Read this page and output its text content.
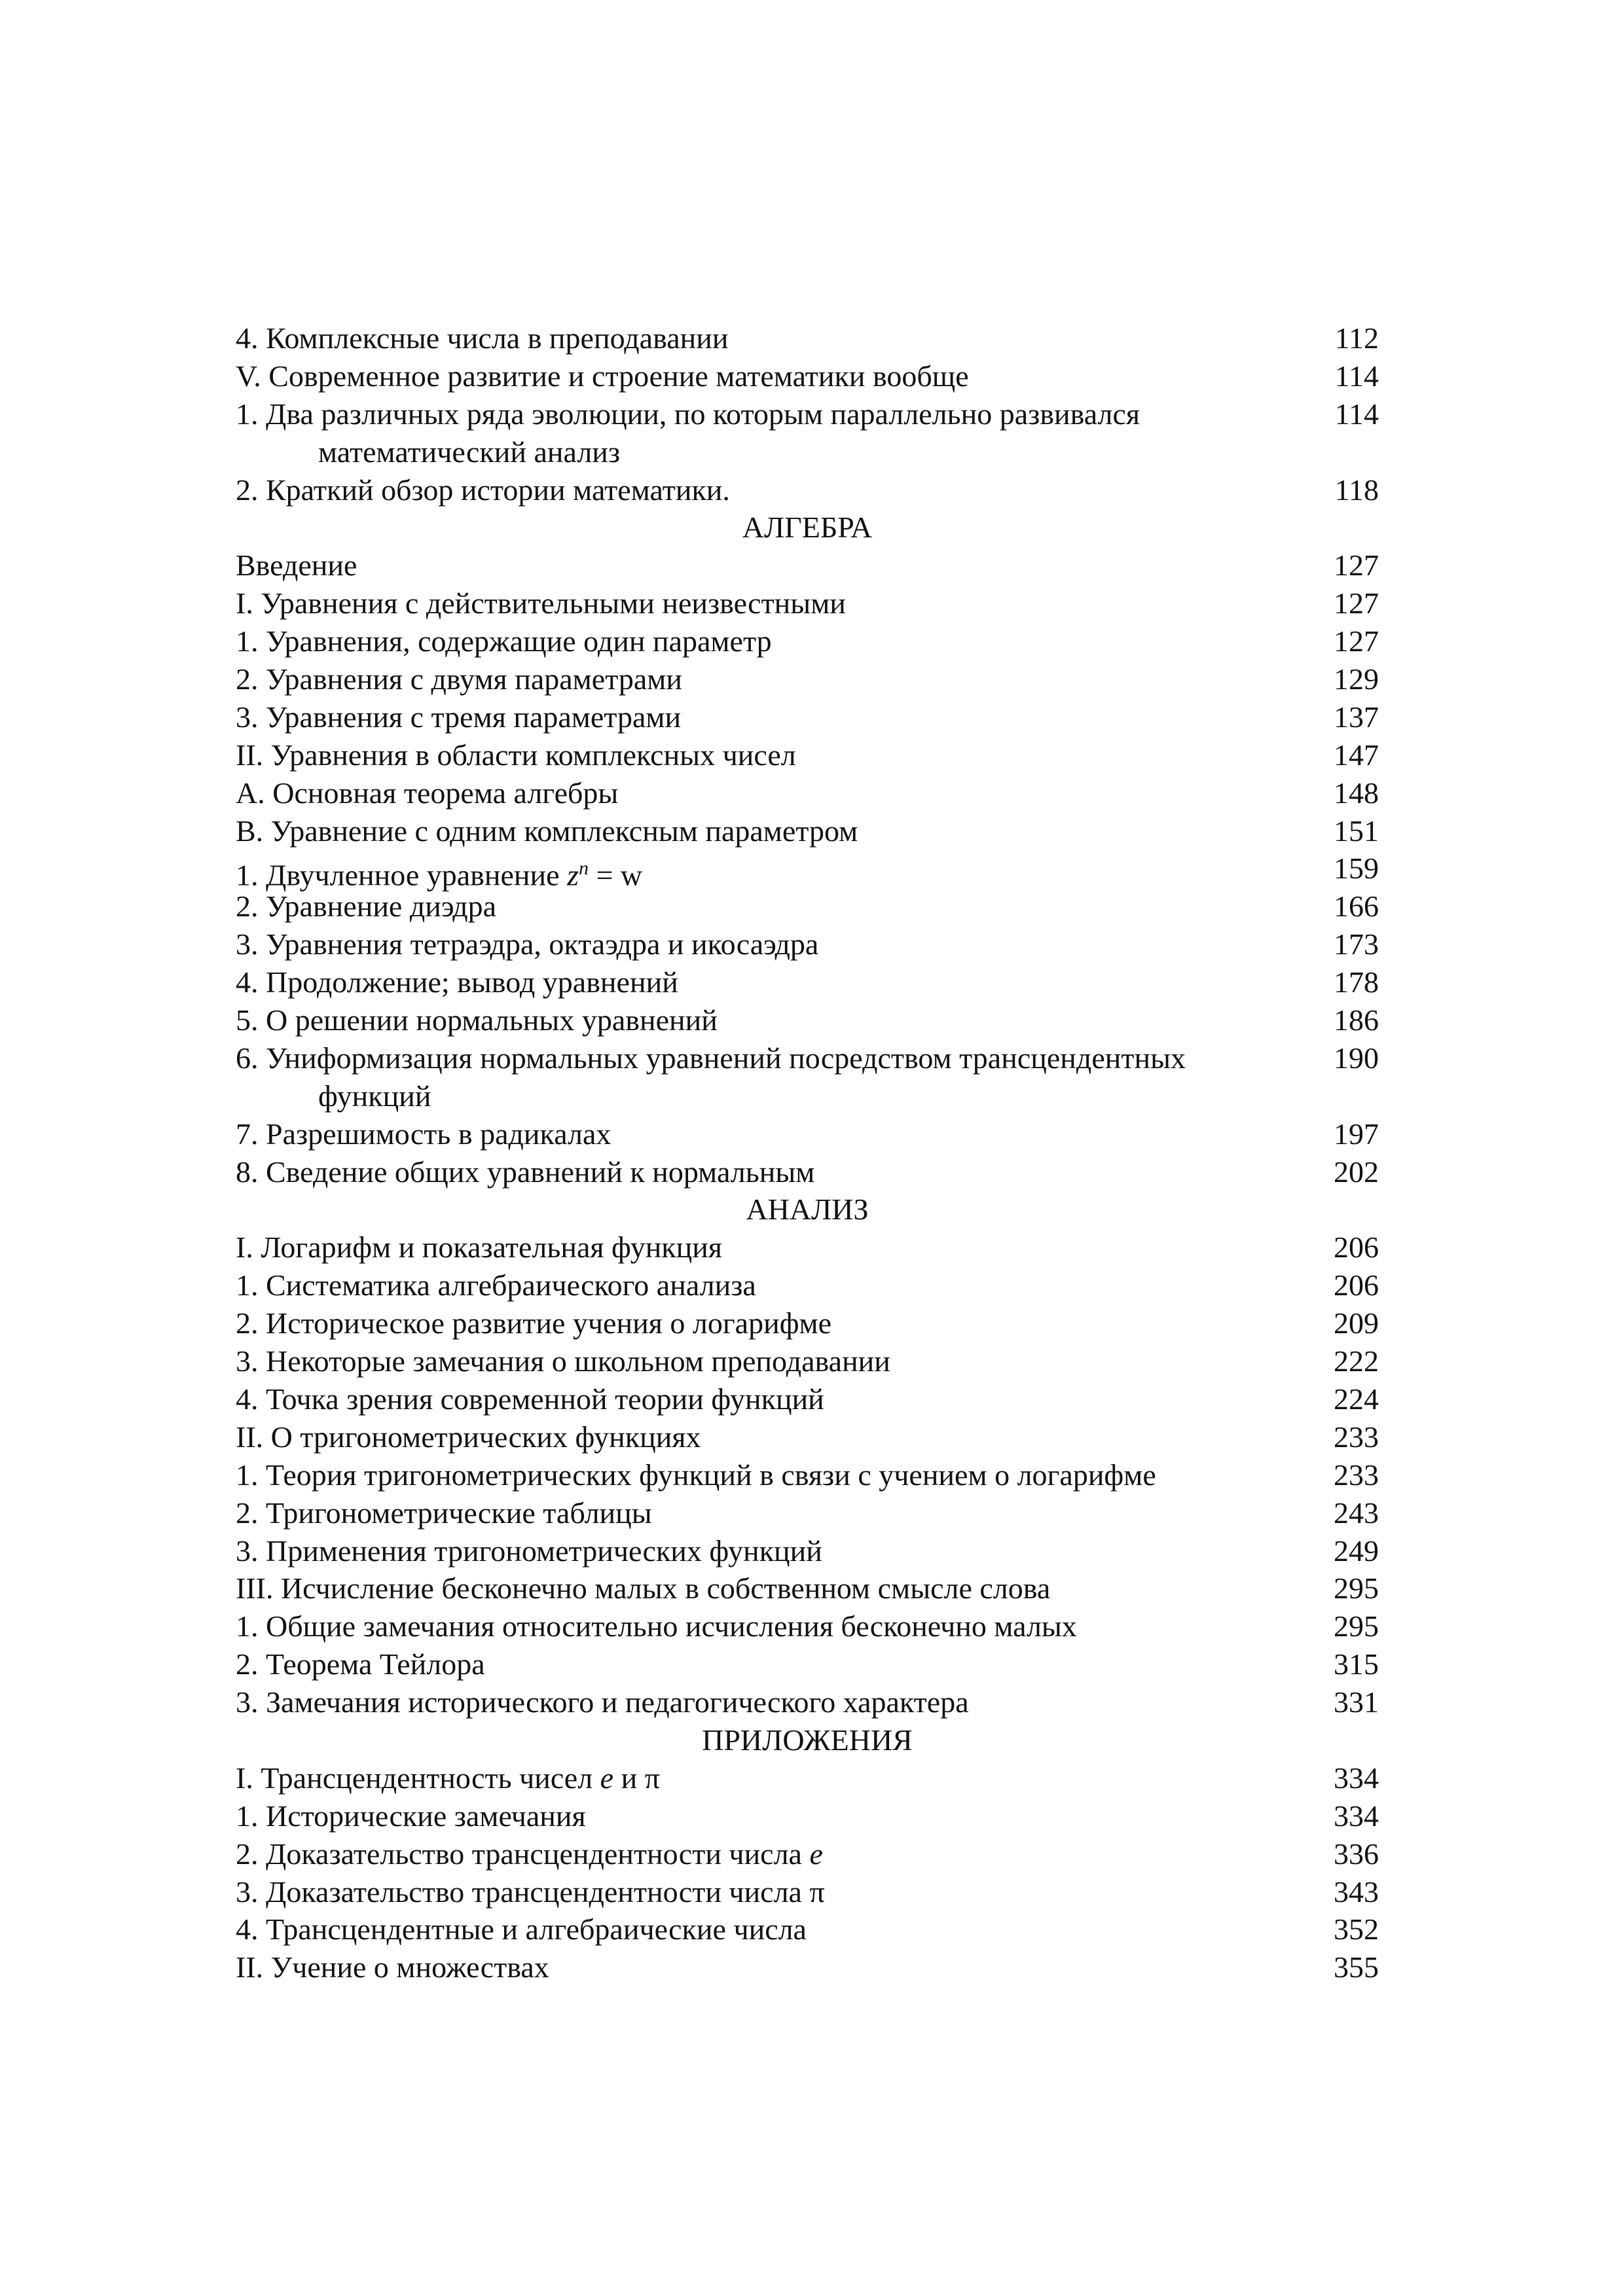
4. Комплексные числа в преподавании	112
V. Современное развитие и строение математики вообще	114
1. Два различных ряда эволюции, по которым параллельно развивался	114
математический анализ
2. Краткий обзор истории математики.	118
АЛГЕБРА
Введение	127
I. Уравнения с действительными неизвестными	127
1. Уравнения, содержащие один параметр	127
2. Уравнения с двумя параметрами	129
3. Уравнения с тремя параметрами	137
II. Уравнения в области комплексных чисел	147
A. Основная теорема алгебры	148
B. Уравнение с одним комплексным параметром	151
1. Двучленное уравнение $z^n = w$	159
2. Уравнение диэдра	166
3. Уравнения тетраэдра, октаэдра и икосаэдра	173
4. Продолжение; вывод уравнений	178
5. О решении нормальных уравнений	186
6. Униформизация нормальных уравнений посредством трансцендентных	190
функций
7. Разрешимость в радикалах	197
8. Сведение общих уравнений к нормальным	202
АНАЛИЗ
I. Логарифм и показательная функция	206
1. Систематика алгебраического анализа	206
2. Историческое развитие учения о логарифме	209
3. Некоторые замечания о школьном преподавании	222
4. Точка зрения современной теории функций	224
II. О тригонометрических функциях	233
1. Теория тригонометрических функций в связи с учением о логарифме	233
2. Тригонометрические таблицы	243
3. Применения тригонометрических функций	249
III. Исчисление бесконечно малых в собственном смысле слова	295
1. Общие замечания относительно исчисления бесконечно малых	295
2. Теорема Тейлора	315
3. Замечания исторического и педагогического характера	331
ПРИЛОЖЕНИЯ
I. Трансцендентность чисел e и π	334
1. Исторические замечания	334
2. Доказательство трансцендентности числа e	336
3. Доказательство трансцендентности числа π	343
4. Трансцендентные и алгебраические числа	352
II. Учение о множествах	355
